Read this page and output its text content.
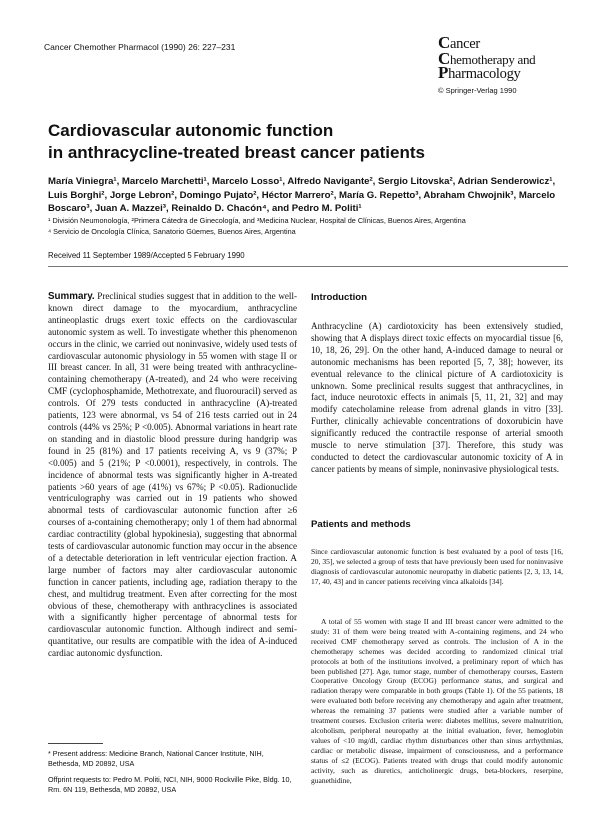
Cancer Chemother Pharmacol (1990) 26: 227–231	Cancer
Chemotherapy and
Pharmacology
© Springer-Verlag 1990
Cardiovascular autonomic function
in anthracycline-treated breast cancer patients
María Viniegra¹, Marcelo Marchetti¹, Marcelo Losso¹, Alfredo Navigante², Sergio Litovska², Adrian Senderowicz¹, Luis Borghi², Jorge Lebron², Domingo Pujato², Héctor Marrero², María G. Repetto³, Abraham Chwojnik³, Marcelo Boscaro³, Juan A. Mazzei³, Reinaldo D. Chacón⁴, and Pedro M. Politi¹
¹ División Neumonología, ²Primera Cátedra de Ginecología, and ³Medicina Nuclear, Hospital de Clínicas, Buenos Aires, Argentina
⁴ Servicio de Oncología Clínica, Sanatorio Güemes, Buenos Aires, Argentina
Received 11 September 1989/Accepted 5 February 1990
Summary. Preclinical studies suggest that in addition to the well-known direct damage to the myocardium, anthracycline antineoplastic drugs exert toxic effects on the cardiovascular autonomic system as well. To investigate whether this phenomenon occurs in the clinic, we carried out noninvasive, widely used tests of cardiovascular autonomic physiology in 55 women with stage II or III breast cancer. In all, 31 were being treated with anthracycline-containing chemotherapy (A-treated), and 24 who were receiving CMF (cyclophosphamide, Methotrexate, and fluorouracil) served as controls. Of 279 tests conducted in anthracycline (A)-treated patients, 123 were abnormal, vs 54 of 216 tests carried out in 24 controls (44% vs 25%; P <0.005). Abnormal variations in heart rate on standing and in diastolic blood pressure during handgrip was found in 25 (81%) and 17 patients receiving A, vs 9 (37%; P <0.005) and 5 (21%; P <0.0001), respectively, in controls. The incidence of abnormal tests was significantly higher in A-treated patients >60 years of age (41%) vs 67%; P <0.05). Radionuclide ventriculography was carried out in 19 patients who showed abnormal tests of cardiovascular autonomic function after ≥6 courses of a-containing chemotherapy; only 1 of them had abnormal cardiac contractility (global hypokinesia), suggesting that abnormal tests of cardiovascular autonomic function may occur in the absence of a detectable deterioration in left ventricular ejection fraction. A large number of factors may alter cardiovascular autonomic function in cancer patients, including age, radiation therapy to the chest, and multidrug treatment. Even after correcting for the most obvious of these, chemotherapy with anthracyclines is associated with a significantly higher percentage of abnormal tests for cardiovascular autonomic function. Although indirect and semi-quantitative, our results are compatible with the idea of A-induced cardiac autonomic dysfunction.
Introduction
Anthracycline (A) cardiotoxicity has been extensively studied, showing that A displays direct toxic effects on myocardial tissue [6, 10, 18, 26, 29]. On the other hand, A-induced damage to neural or autonomic mechanisms has been reported [5, 7, 38]; however, its eventual relevance to the clinical picture of A cardiotoxicity is unknown. Some preclinical results suggest that anthracyclines, in fact, induce neurotoxic effects in animals [5, 11, 21, 32] and may modify catecholamine release from adrenal glands in vitro [33]. Further, clinically achievable concentrations of doxorubicin have significantly reduced the contractile response of arterial smooth muscle to nerve stimulation [37]. Therefore, this study was conducted to detect the cardiovascular autonomic toxicity of A in cancer patients by means of simple, noninvasive physiological tests.
Patients and methods
Since cardiovascular autonomic function is best evaluated by a pool of tests [16, 20, 35], we selected a group of tests that have previously been used for noninvasive diagnosis of cardiovascular autonomic neuropathy in diabetic patients [2, 3, 13, 14, 17, 40, 43] and in cancer patients receiving vinca alkaloids [34].
A total of 55 women with stage II and III breast cancer were admitted to the study: 31 of them were being treated with A-containing regimens, and 24 who received CMF chemotherapy served as controls. The inclusion of A in the chemotherapy schemes was decided according to randomized clinical trial protocols at both of the institutions involved, a preliminary report of which has been published [27]. Age, tumor stage, number of chemotherapy courses, Eastern Cooperative Oncology Group (ECOG) performance status, and surgical and radiation therapy were comparable in both groups (Table 1). Of the 55 patients, 18 were evaluated both before receiving any chemotherapy and again after treatment, whereas the remaining 37 patients were studied after a variable number of treatment courses. Exclusion criteria were: diabetes mellitus, severe malnutrition, alcoholism, peripheral neuropathy at the initial evaluation, fever, hemoglobin values of <10 mg/dl, cardiac rhythm disturbances other than sinus arrhythmias, cardiac or metabolic disease, impairment of consciousness, and a performance status of ≤2 (ECOG). Patients treated with drugs that could modify autonomic activity, such as diuretics, anticholinergic drugs, beta-blockers, reserpine, guanethidine,
* Present address: Medicine Branch, National Cancer Institute, NIH, Bethesda, MD 20892, USA
Offprint requests to: Pedro M. Politi, NCI, NIH, 9000 Rockville Pike, Bldg. 10, Rm. 6N 119, Bethesda, MD 20892, USA
